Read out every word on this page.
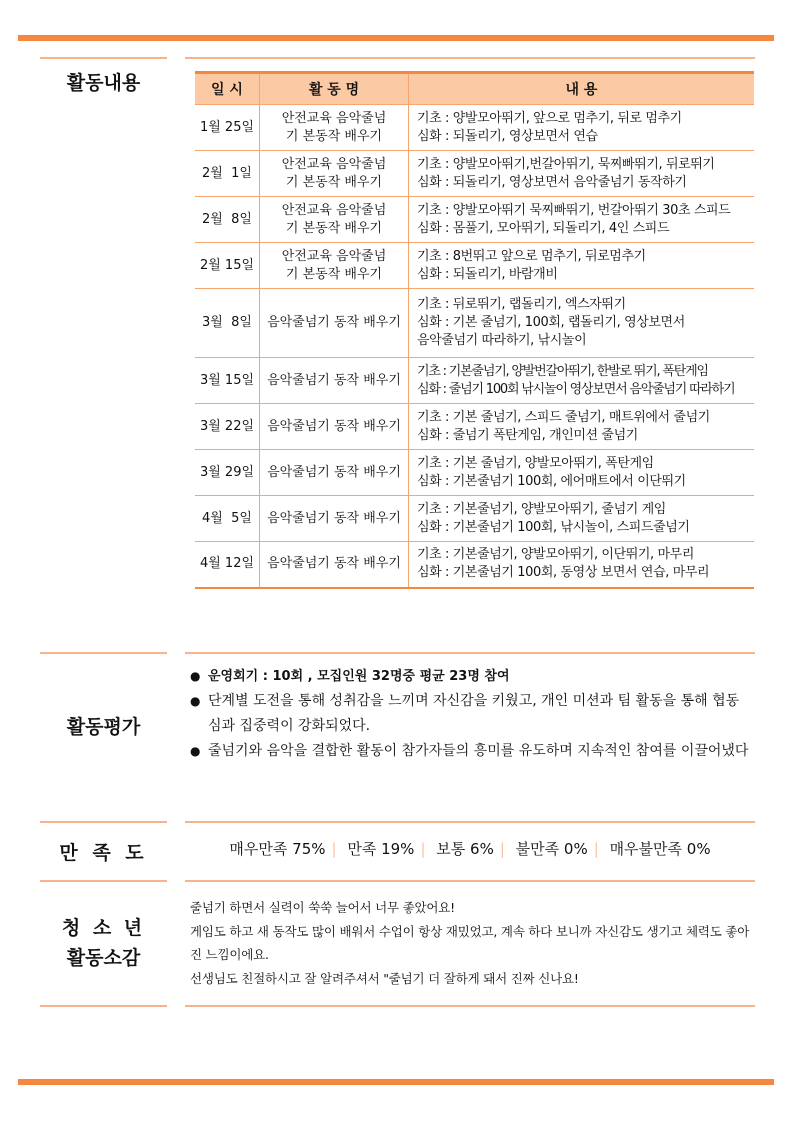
활동내용	일 시	활 동 명	내 용
1월 25일	안전교육 음악줄넘기 본동작 배우기	기초 : 양발모아뛰기, 앞으로 멈추기, 뒤로 멈추기
심화 : 되돌리기, 영상보면서 연습

2월  1일	안전교육 음악줄넘기 본동작 배우기	기초 : 양발모아뛰기,번갈아뛰기, 묵찌빠뛰기, 뒤로뛰기
심화 : 되돌리기, 영상보면서 음악줄넘기 동작하기

2월  8일	안전교육 음악줄넘기 본동작 배우기	기초 : 양발모아뛰기 묵찌빠뛰기, 번갈아뛰기 30초 스피드
심화 : 몸풀기, 모아뛰기, 되돌리기, 4인 스피드

2월 15일	안전교육 음악줄넘기 본동작 배우기	기초 : 8번뛰고 앞으로 멈추기, 뒤로멈추기
심화 : 되돌리기, 바람개비

3월  8일	음악줄넘기 동작 배우기	기초 : 뒤로뛰기, 랩돌리기, 엑스자뛰기
심화 : 기본 줄넘기, 100회, 랩돌리기, 영상보면서
음악줄넘기 따라하기, 낚시놀이

3월 15일	음악줄넘기 동작 배우기	기초 : 기본줄넘기, 양발번갈아뛰기, 한발로 뛰기, 폭탄게임
심화 : 줄넘기 100회 낚시놀이 영상보면서 음악줄넘기 따라하기

3월 22일	음악줄넘기 동작 배우기	기초 : 기본 줄넘기, 스피드 줄넘기, 매트위에서 줄넘기
심화 : 줄넘기 폭탄게임, 개인미션 줄넘기

3월 29일	음악줄넘기 동작 배우기	기초 : 기본 줄넘기, 양발모아뛰기, 폭탄게임
심화 : 기본줄넘기 100회, 에어매트에서 이단뛰기

4월  5일	음악줄넘기 동작 배우기	기초 : 기본줄넘기, 양발모아뛰기, 줄넘기 게임
심화 : 기본줄넘기 100회, 낚시놀이, 스피드줄넘기

4월 12일	음악줄넘기 동작 배우기	기초 : 기본줄넘기, 양발모아뛰기, 이단뛰기, 마무리
심화 : 기본줄넘기 100회, 동영상 보면서 연습, 마무리
활동평가
● 운영회기 : 10회 , 모집인원 32명중 평균 23명 참여
● 단계별 도전을 통해 성취감을 느끼며 자신감을 키웠고, 개인 미션과 팀 활동을 통해 협동심과 집중력이 강화되었다.
● 줄넘기와 음악을 결합한 활동이 참가자들의 흥미를 유도하며 지속적인 참여를 이끌어냈다
만 족 도	매우만족 75% | 만족 19% | 보통 6% | 불만족 0% | 매우불만족 0%
청 소 년
활동소감
줄넘기 하면서 실력이 쑥쑥 늘어서 너무 좋았어요!
게임도 하고 새 동작도 많이 배워서 수업이 항상 재밌었고, 계속 하다 보니까 자신감도 생기고 체력도 좋아진 느낌이에요.
선생님도 친절하시고 잘 알려주셔서 "줄넘기 더 잘하게 돼서 진짜 신나요!
